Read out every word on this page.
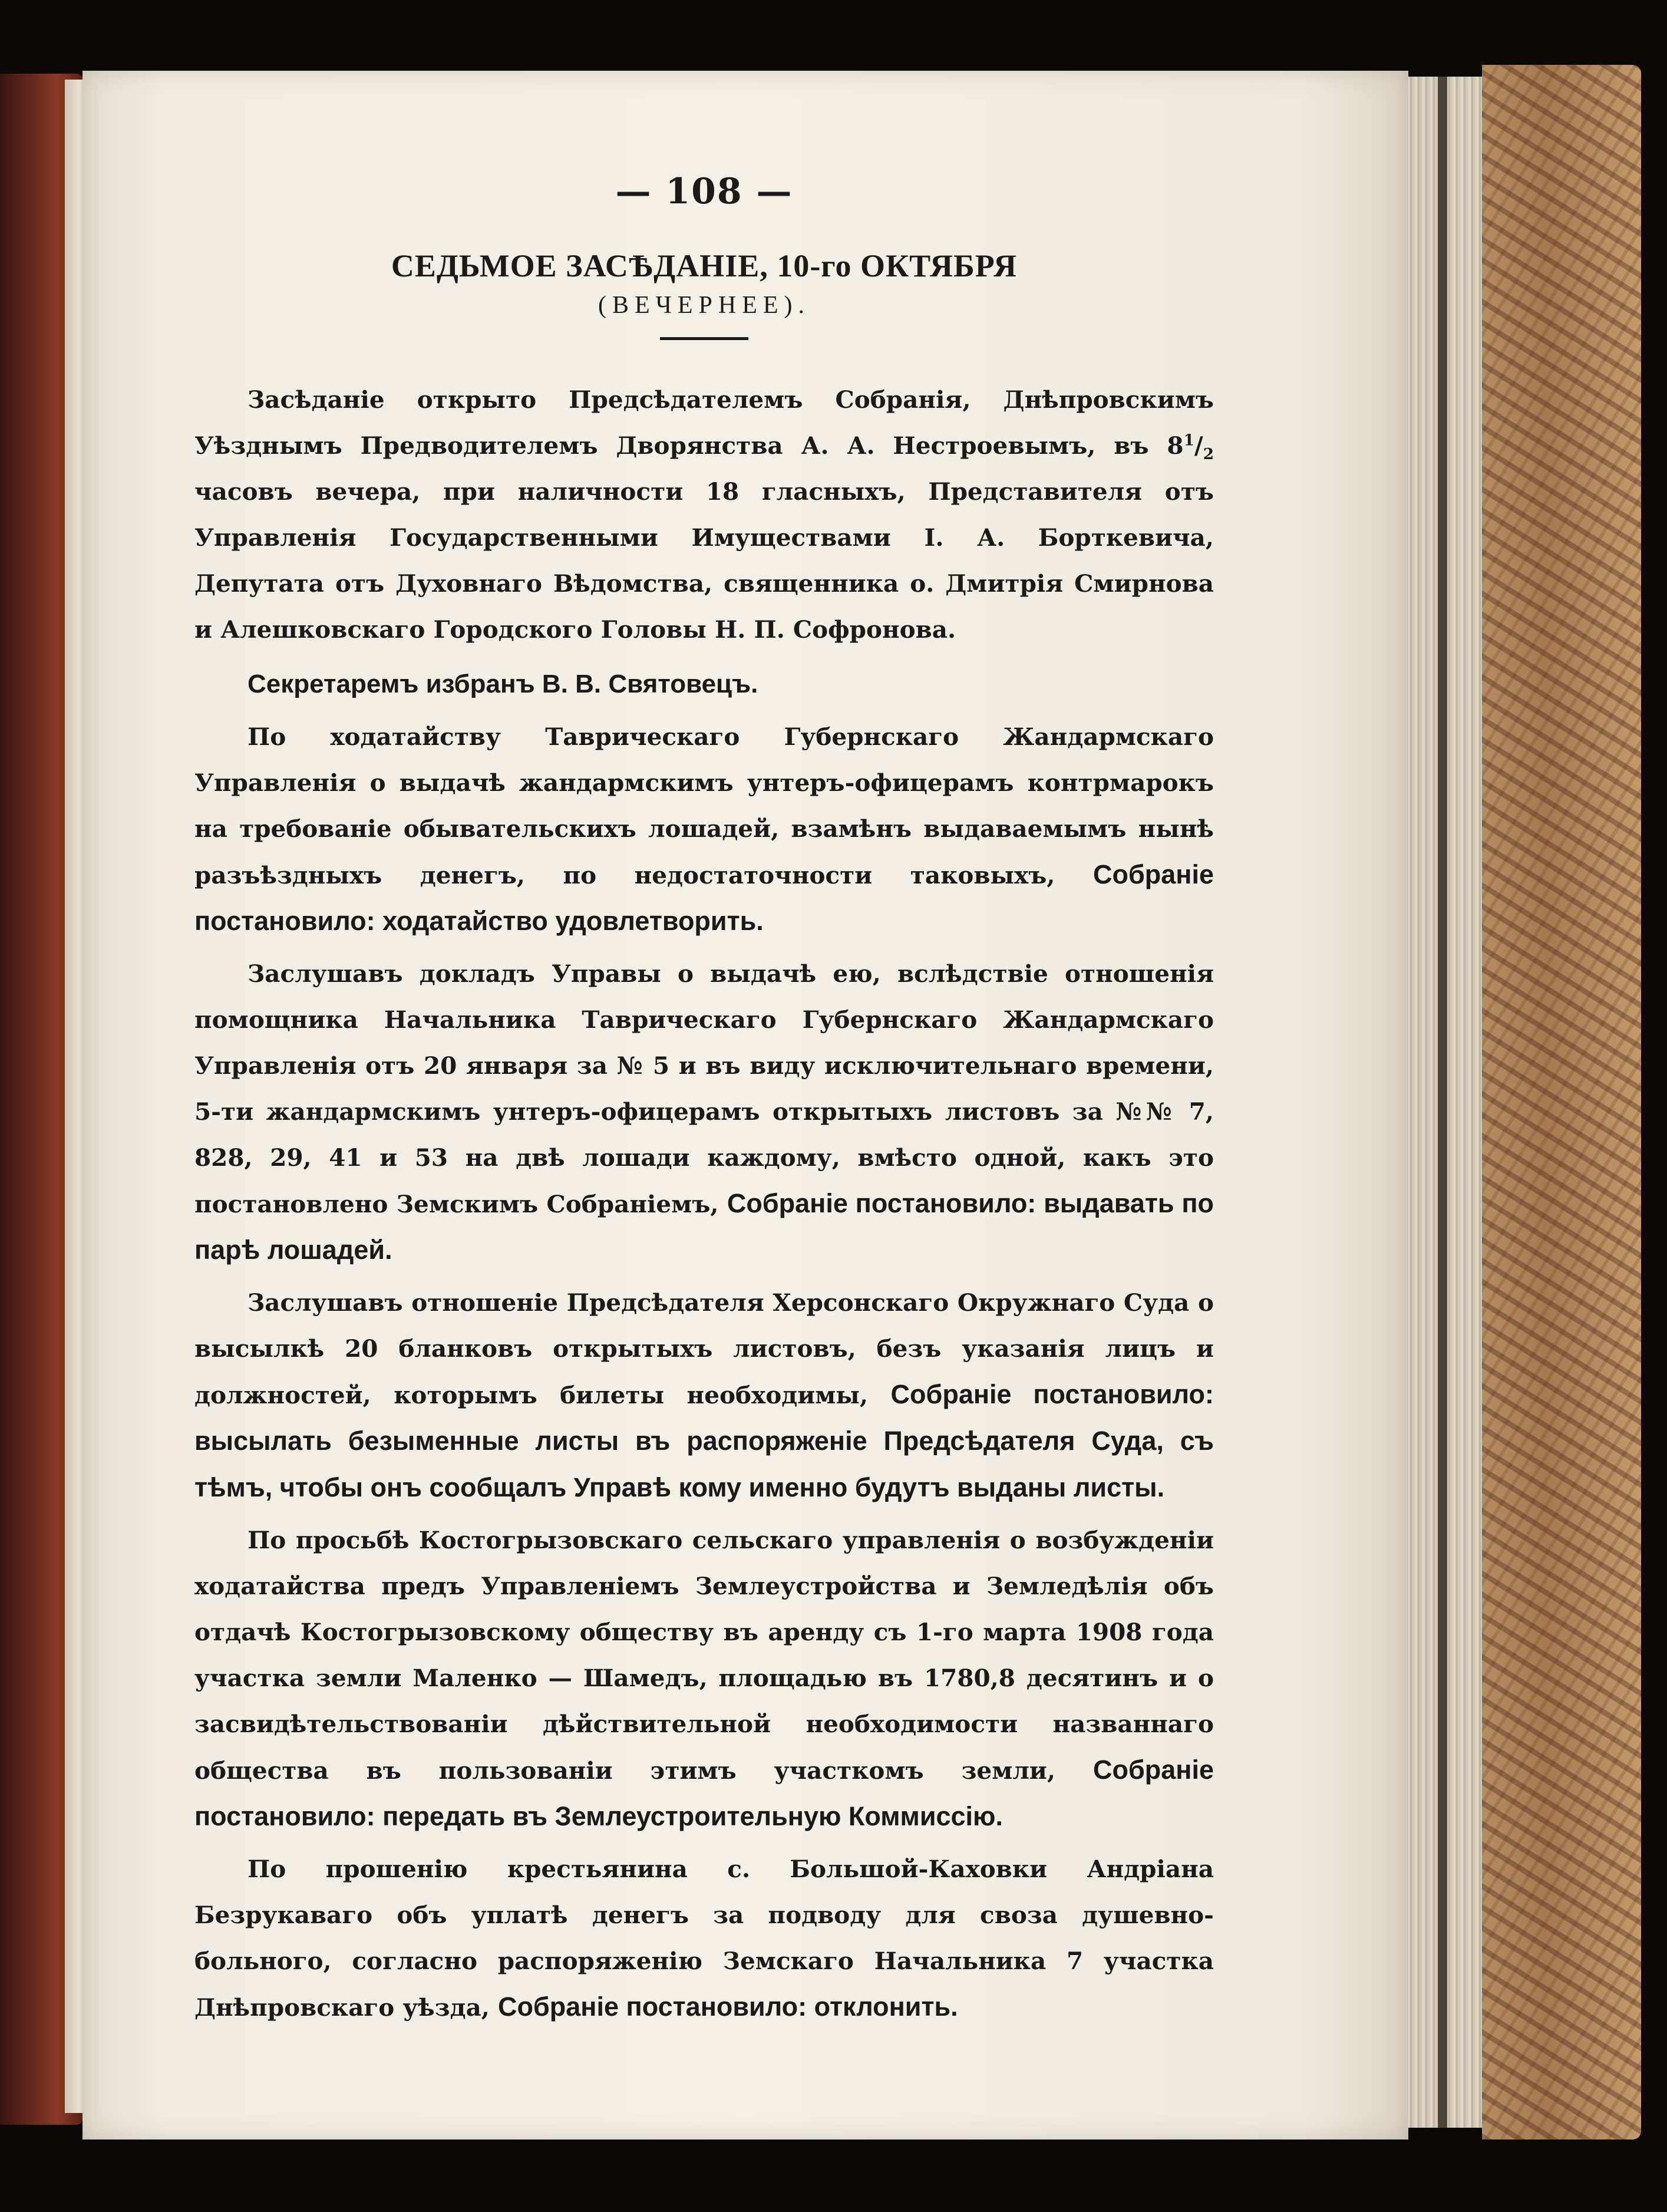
— 108 —
СЕДЬМОЕ ЗАСѢДАНІЕ, 10-го ОКТЯБРЯ
(ВЕЧЕРНЕЕ).

Засѣданіе открыто Предсѣдателемъ Собранія, Днѣпровскимъ Уѣзднымъ Предводителемъ Дворянства А. А. Нестроевымъ, въ $8^1/_2$ часовъ вечера, при наличности 18 гласныхъ, Представителя отъ Управленія Государственными Имуществами І. А. Борткевича, Депутата отъ Духовнаго Вѣдомства, священника о. Дмитрія Смирнова и Алешковскаго Городского Головы Н. П. Софронова.

Секретаремъ избранъ В. В. Святовецъ.

По ходатайству Таврическаго Губернскаго Жандармскаго Управленія о выдачѣ жандармскимъ унтеръ-офицерамъ контрмарокъ на требованіе обывательскихъ лошадей, взамѣнъ выдаваемымъ нынѣ разъѣздныхъ денегъ, по недостаточности таковыхъ, Собраніе постановило: ходатайство удовлетворить.

Заслушавъ докладъ Управы о выдачѣ ею, вслѣдствіе отношенія помощника Начальника Таврическаго Губернскаго Жандармскаго Управленія отъ 20 января за № 5 и въ виду исключительнаго времени, 5-ти жандармскимъ унтеръ-офицерамъ открытыхъ листовъ за №№ 7, 828, 29, 41 и 53 на двѣ лошади каждому, вмѣсто одной, какъ это постановлено Земскимъ Собраніемъ, Собраніе постановило: выдавать по парѣ лошадей.

Заслушавъ отношеніе Предсѣдателя Херсонскаго Окружнаго Суда о высылкѣ 20 бланковъ открытыхъ листовъ, безъ указанія лицъ и должностей, которымъ билеты необходимы, Собраніе постановило: высылать безыменные листы въ распоряженіе Предсѣдателя Суда, съ тѣмъ, чтобы онъ сообщалъ Управѣ кому именно будутъ выданы листы.

По просьбѣ Костогрызовскаго сельскаго управленія о возбужденіи ходатайства предъ Управленіемъ Землеустройства и Земледѣлія объ отдачѣ Костогрызовскому обществу въ аренду съ 1-го марта 1908 года участка земли Маленко — Шамедъ, площадью въ 1780,8 десятинъ и о засвидѣтельствованіи дѣйствительной необходимости названнаго общества въ пользованіи этимъ участкомъ земли, Собраніе постановило: передать въ Землеустроительную Коммиссію.

По прошенію крестьянина с. Большой-Каховки Андріана Безрукаваго объ уплатѣ денегъ за подводу для своза душевно-больного, согласно распоряженію Земскаго Начальника 7 участка Днѣпровскаго уѣзда, Собраніе постановило: отклонить.
